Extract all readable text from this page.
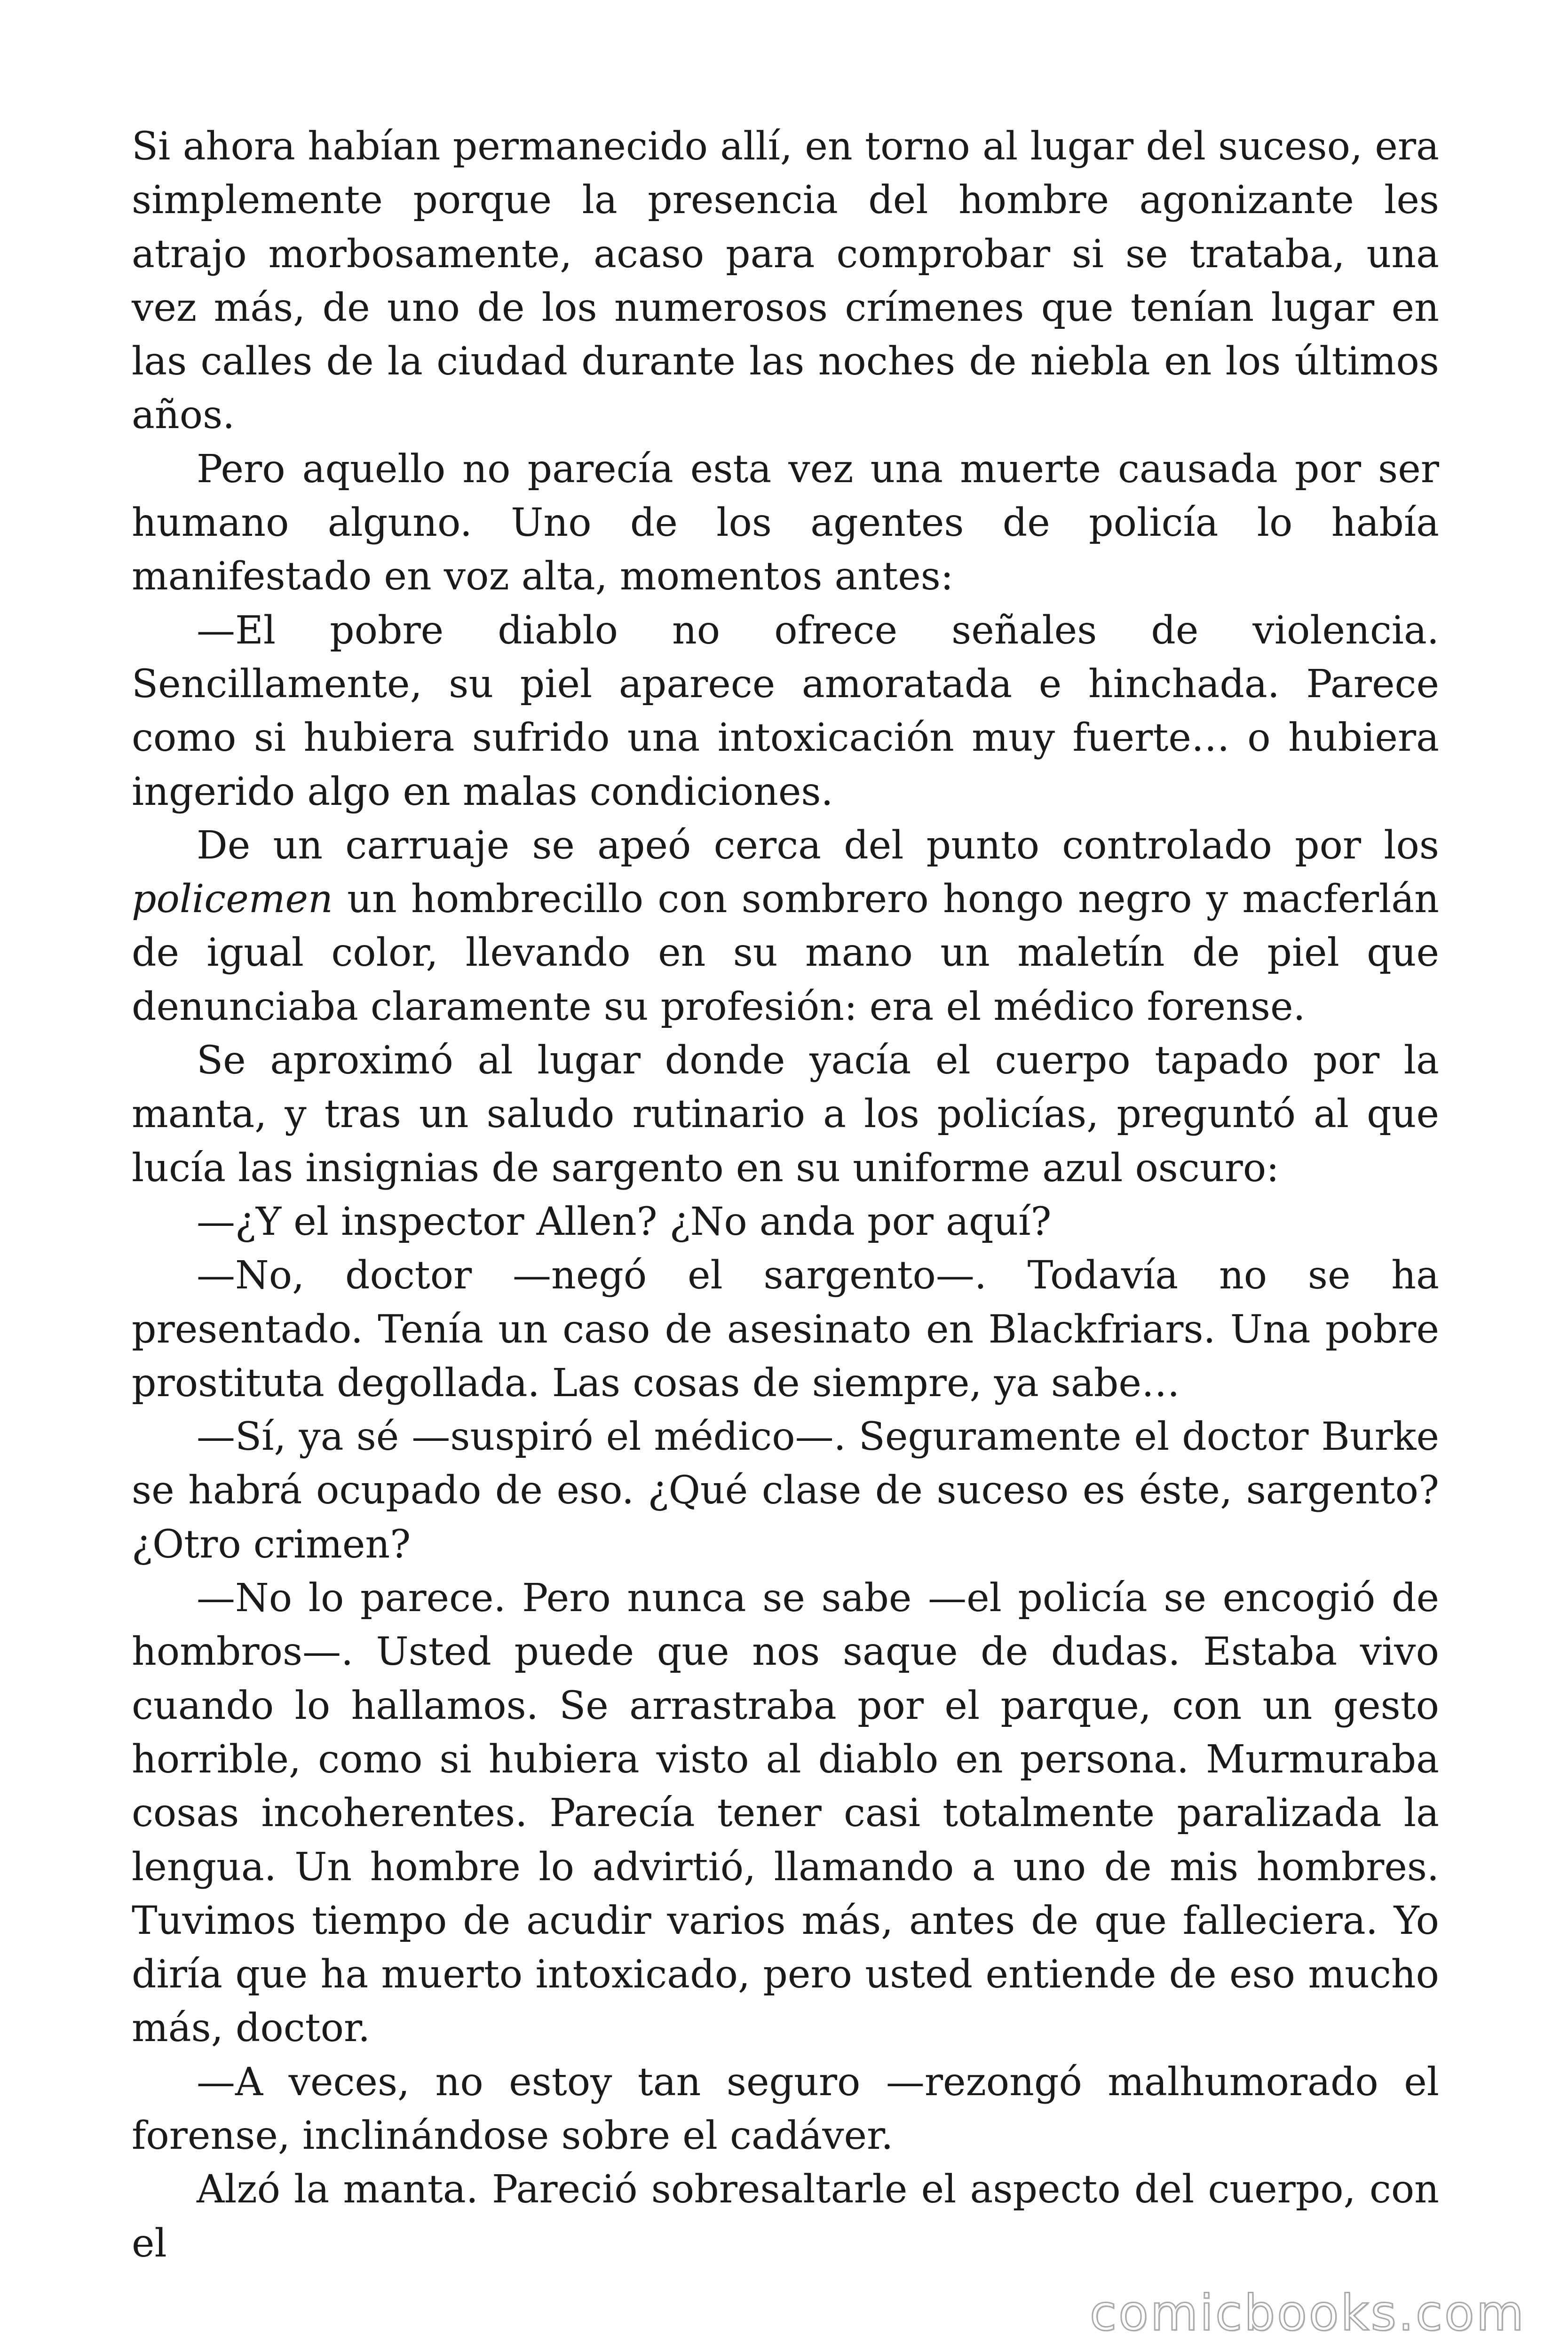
Si ahora habían permanecido allí, en torno al lugar del suceso, era simplemente porque la presencia del hombre agonizante les atrajo morbosamente, acaso para comprobar si se trataba, una vez más, de uno de los numerosos crímenes que tenían lugar en las calles de la ciudad durante las noches de niebla en los últimos años.

Pero aquello no parecía esta vez una muerte causada por ser humano alguno. Uno de los agentes de policía lo había manifestado en voz alta, momentos antes:

—El pobre diablo no ofrece señales de violencia. Sencillamente, su piel aparece amoratada e hinchada. Parece como si hubiera sufrido una intoxicación muy fuerte… o hubiera ingerido algo en malas condiciones.

De un carruaje se apeó cerca del punto controlado por los policemen un hombrecillo con sombrero hongo negro y macferlán de igual color, llevando en su mano un maletín de piel que denunciaba claramente su profesión: era el médico forense.

Se aproximó al lugar donde yacía el cuerpo tapado por la manta, y tras un saludo rutinario a los policías, preguntó al que lucía las insignias de sargento en su uniforme azul oscuro:

—¿Y el inspector Allen? ¿No anda por aquí?

—No, doctor —negó el sargento—. Todavía no se ha presentado. Tenía un caso de asesinato en Blackfriars. Una pobre prostituta degollada. Las cosas de siempre, ya sabe…

—Sí, ya sé —suspiró el médico—. Seguramente el doctor Burke se habrá ocupado de eso. ¿Qué clase de suceso es éste, sargento? ¿Otro crimen?

—No lo parece. Pero nunca se sabe —el policía se encogió de hombros—. Usted puede que nos saque de dudas. Estaba vivo cuando lo hallamos. Se arrastraba por el parque, con un gesto horrible, como si hubiera visto al diablo en persona. Murmuraba cosas incoherentes. Parecía tener casi totalmente paralizada la lengua. Un hombre lo advirtió, llamando a uno de mis hombres. Tuvimos tiempo de acudir varios más, antes de que falleciera. Yo diría que ha muerto intoxicado, pero usted entiende de eso mucho más, doctor.

—A veces, no estoy tan seguro —rezongó malhumorado el forense, inclinándose sobre el cadáver.

Alzó la manta. Pareció sobresaltarle el aspecto del cuerpo, con el

comicbooks.com
